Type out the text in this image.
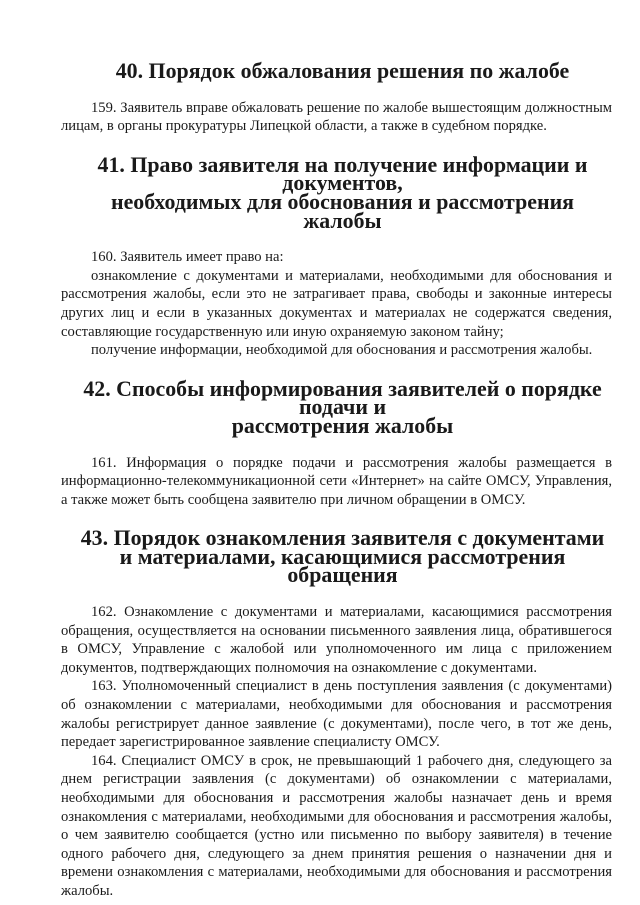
40. Порядок обжалования решения по жалобе

159. Заявитель вправе обжаловать решение по жалобе вышестоящим должностным лицам, в органы прокуратуры Липецкой области, а также в судебном порядке.

41. Право заявителя на получение информации и документов,
необходимых для обоснования и рассмотрения жалобы

160. Заявитель имеет право на:

ознакомление с документами и материалами, необходимыми для обоснования и рассмотрения жалобы, если это не затрагивает права, свободы и законные интересы других лиц и если в указанных документах и материалах не содержатся сведения, составляющие государственную или иную охраняемую законом тайну;

получение информации, необходимой для обоснования и рассмотрения жалобы.

42. Способы информирования заявителей о порядке подачи и
рассмотрения жалобы

161. Информация о порядке подачи и рассмотрения жалобы размещается в информационно-телекоммуникационной сети «Интернет» на сайте ОМСУ, Управления, а также может быть сообщена заявителю при личном обращении в ОМСУ.

43. Порядок ознакомления заявителя с документами
и материалами, касающимися рассмотрения обращения

162. Ознакомление с документами и материалами, касающимися рассмотрения обращения, осуществляется на основании письменного заявления лица, обратившегося в ОМСУ, Управление с жалобой или уполномоченного им лица с приложением документов, подтверждающих полномочия на ознакомление с документами.

163. Уполномоченный специалист в день поступления заявления (с документами) об ознакомлении с материалами, необходимыми для обоснования и рассмотрения жалобы регистрирует данное заявление (с документами), после чего, в тот же день, передает зарегистрированное заявление специалисту ОМСУ.

164. Специалист ОМСУ в срок, не превышающий 1 рабочего дня, следующего за днем регистрации заявления (с документами) об ознакомлении с материалами, необходимыми для обоснования и рассмотрения жалобы назначает день и время ознакомления с материалами, необходимыми для обоснования и рассмотрения жалобы, о чем заявителю сообщается (устно или письменно по выбору заявителя) в течение одного рабочего дня, следующего за днем принятия решения о назначении дня и времени ознакомления с материалами, необходимыми для обоснования и рассмотрения жалобы.
